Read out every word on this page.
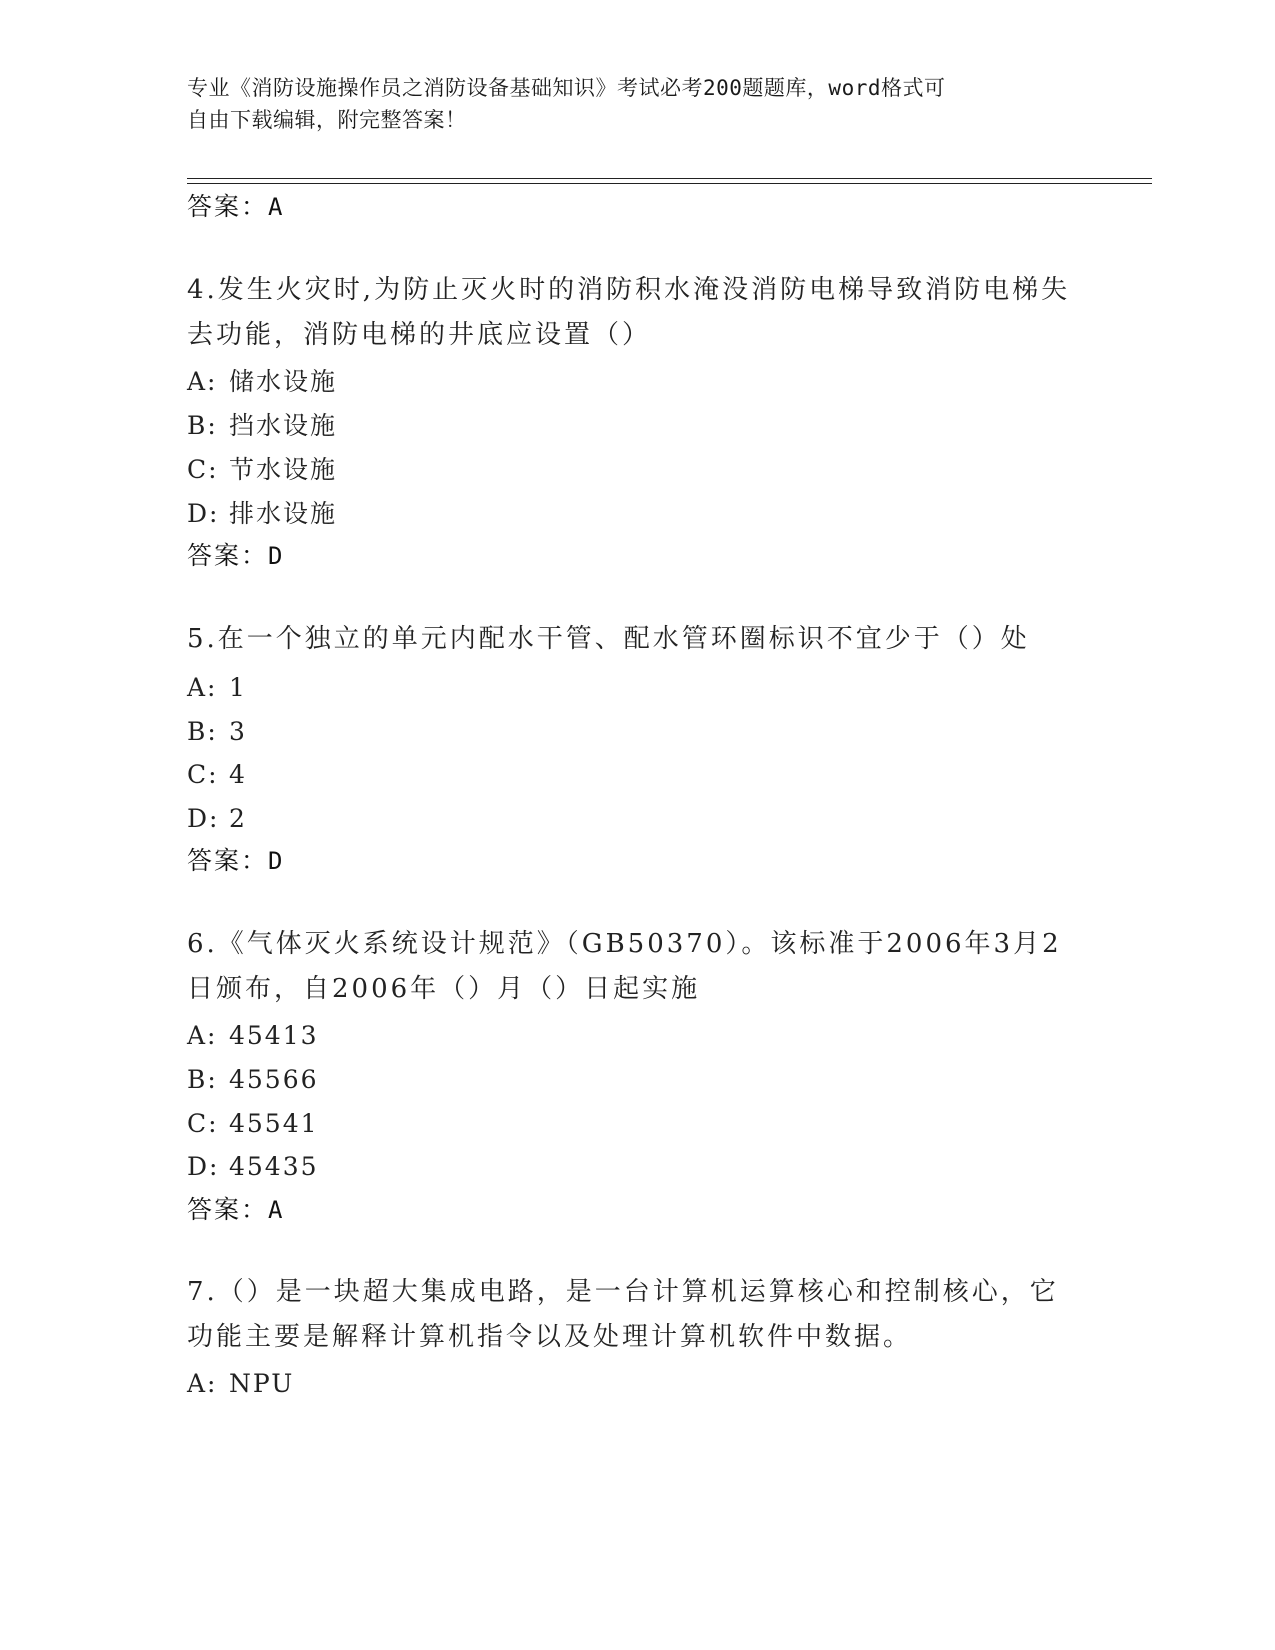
专业《消防设施操作员之消防设备基础知识》考试必考200题题库，word格式可
自由下载编辑，附完整答案！
答案：A
4.发生火灾时,为防止灭火时的消防积水淹没消防电梯导致消防电梯失
去功能，消防电梯的井底应设置（）
A: 储水设施
B: 挡水设施
C: 节水设施
D: 排水设施
答案：D
5.在一个独立的单元内配水干管、配水管环圈标识不宜少于（）处
A: 1
B: 3
C: 4
D: 2
答案：D
6.《气体灭火系统设计规范》（GB50370）。该标准于2006年3月2
日颁布，自2006年（）月（）日起实施
A: 45413
B: 45566
C: 45541
D: 45435
答案：A
7.（）是一块超大集成电路，是一台计算机运算核心和控制核心，它
功能主要是解释计算机指令以及处理计算机软件中数据。
A: NPU
